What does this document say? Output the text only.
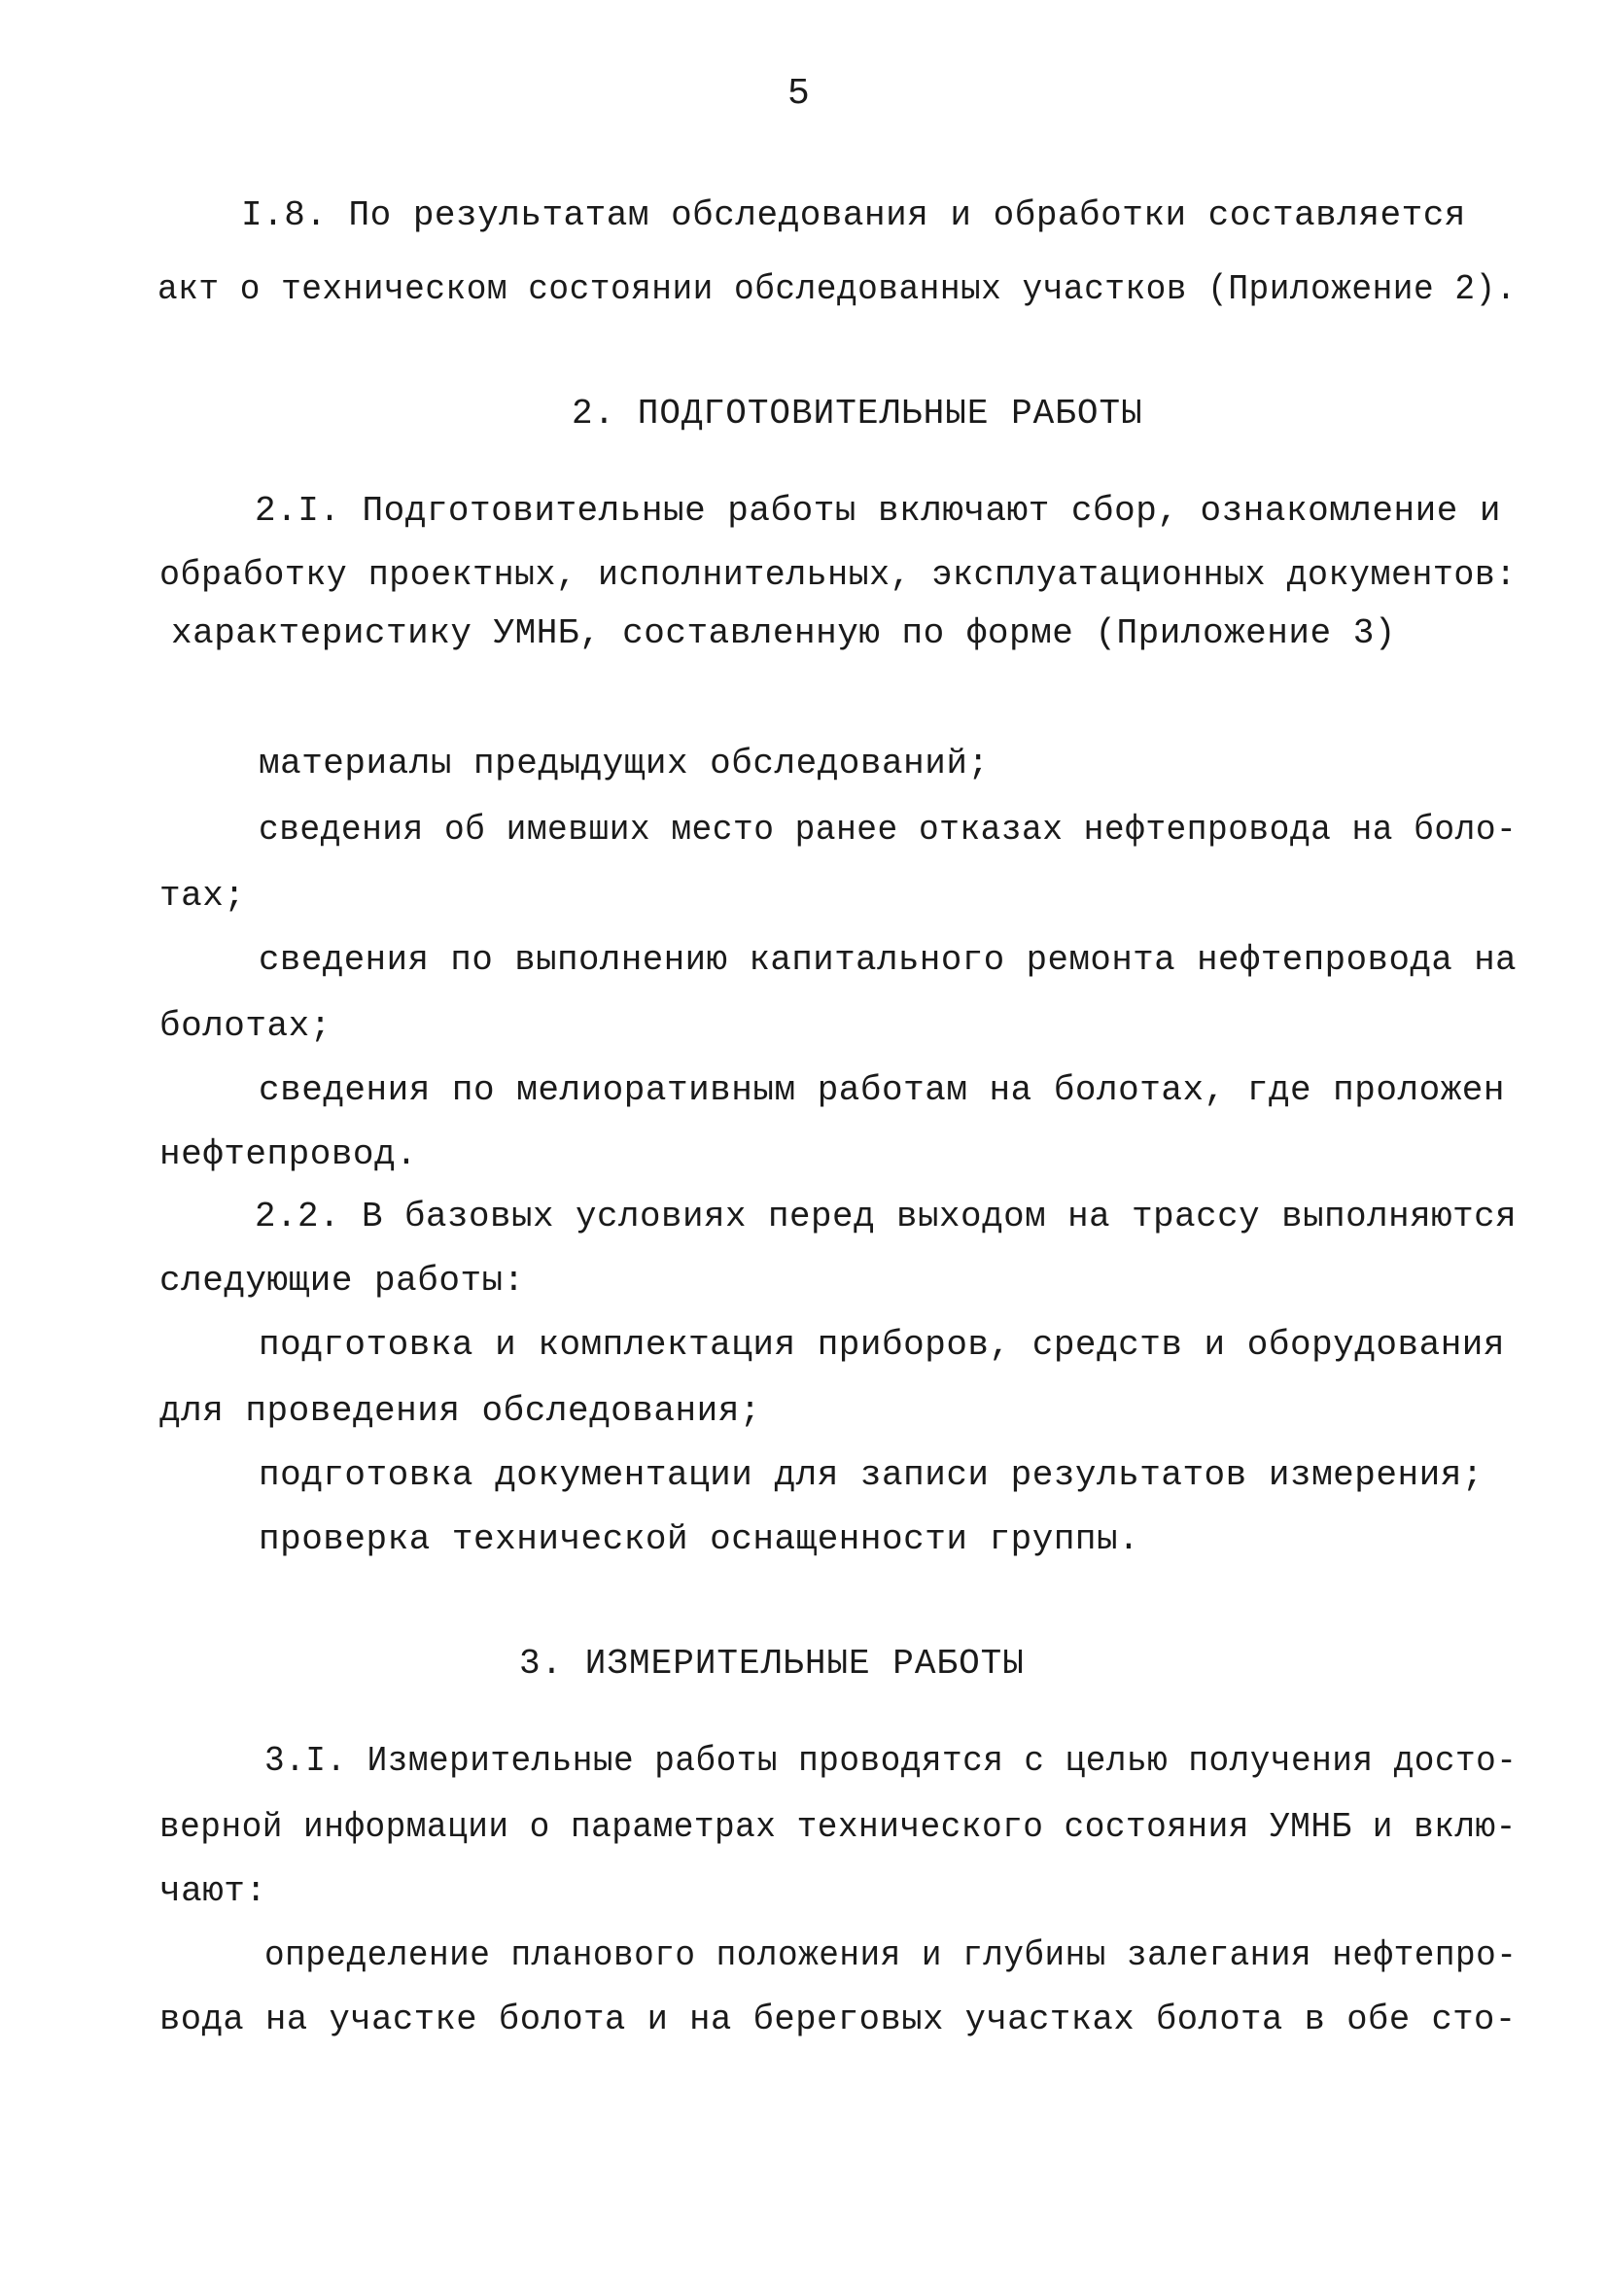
5
I.8. По результатам обследования и обработки составляется
акт о техническом состоянии обследованных участков (Приложение 2).
2. ПОДГОТОВИТЕЛЬНЫЕ РАБОТЫ
2.I. Подготовительные работы включают сбор, ознакомление и
обработку проектных, исполнительных, эксплуатационных документов:
характеристику УМНБ, составленную по форме (Приложение 3)
материалы предыдущих обследований;
сведения об имевших место ранее отказах нефтепровода на боло-
тах;
сведения по выполнению капитального ремонта нефтепровода на
болотах;
сведения по мелиоративным работам на болотах, где проложен
нефтепровод.
2.2. В базовых условиях перед выходом на трассу выполняются
следующие работы:
подготовка и комплектация приборов, средств и оборудования
для проведения обследования;
подготовка документации для записи результатов измерения;
проверка технической оснащенности группы.
3. ИЗМЕРИТЕЛЬНЫЕ РАБОТЫ
3.I. Измерительные работы проводятся с целью получения досто-
верной информации о параметрах технического состояния УМНБ и вклю-
чают:
определение планового положения и глубины залегания нефтепро-
вода на участке болота и на береговых участках болота в обе сто-
